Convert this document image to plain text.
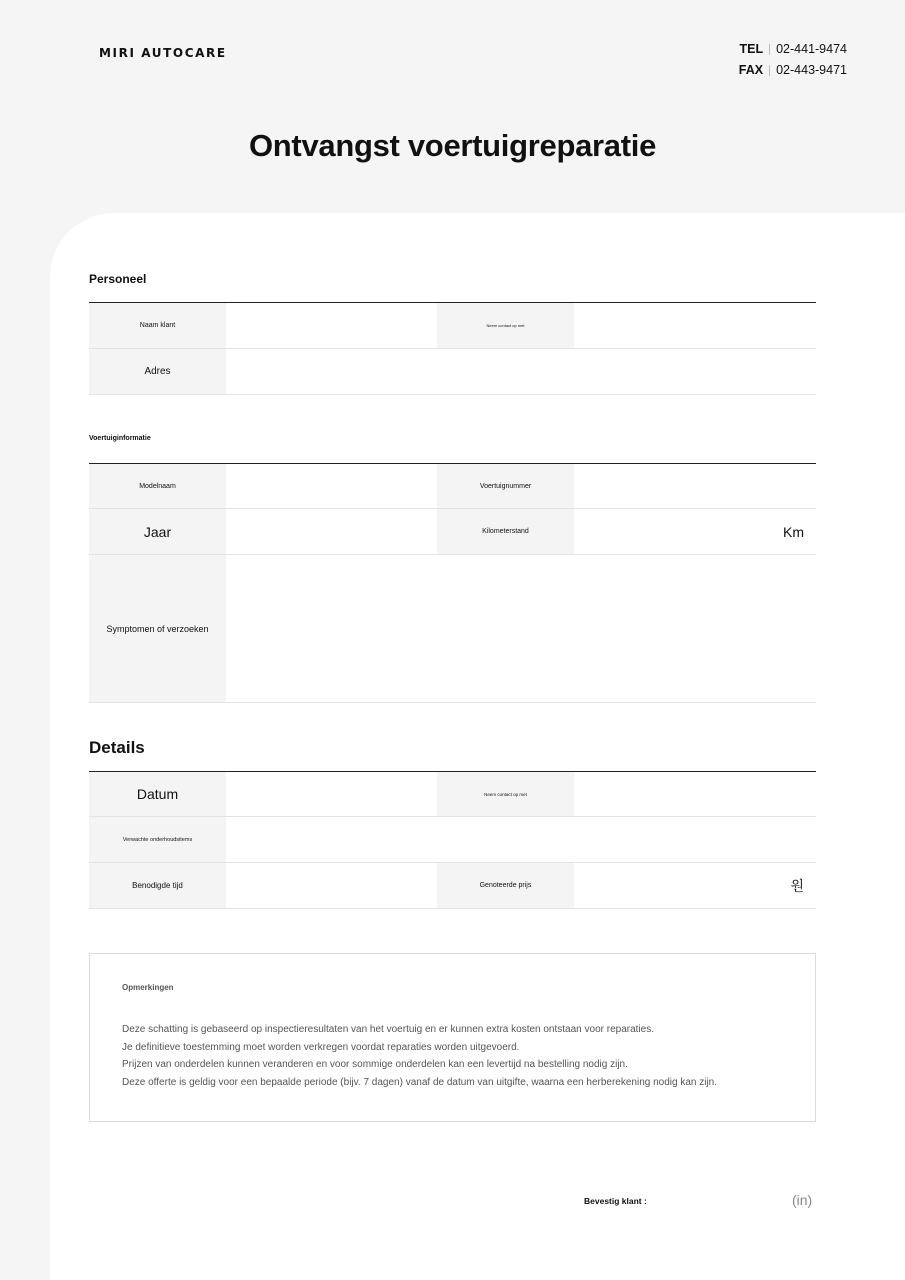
MIRI AUTOCARE	TEL 02-441-9474
FAX 02-443-9471
Ontvangst voertuigreparatie
Personeel
Naam klant	Neem contact op met
Adres
Voertuiginformatie
Modelnaam	Voertuignummer
Jaar	Kilometerstand	Km
Symptomen of verzoeken
Details
Datum	Neem contact op met
Verwachte onderhoudsitems
Benodigde tijd	Genoteerde prijs	원
Opmerkingen
Deze schatting is gebaseerd op inspectieresultaten van het voertuig en er kunnen extra kosten ontstaan voor reparaties.
Je definitieve toestemming moet worden verkregen voordat reparaties worden uitgevoerd.
Prijzen van onderdelen kunnen veranderen en voor sommige onderdelen kan een levertijd na bestelling nodig zijn.
Deze offerte is geldig voor een bepaalde periode (bijv. 7 dagen) vanaf de datum van uitgifte, waarna een herberekening nodig kan zijn.
Bevestig klant :	(in)
